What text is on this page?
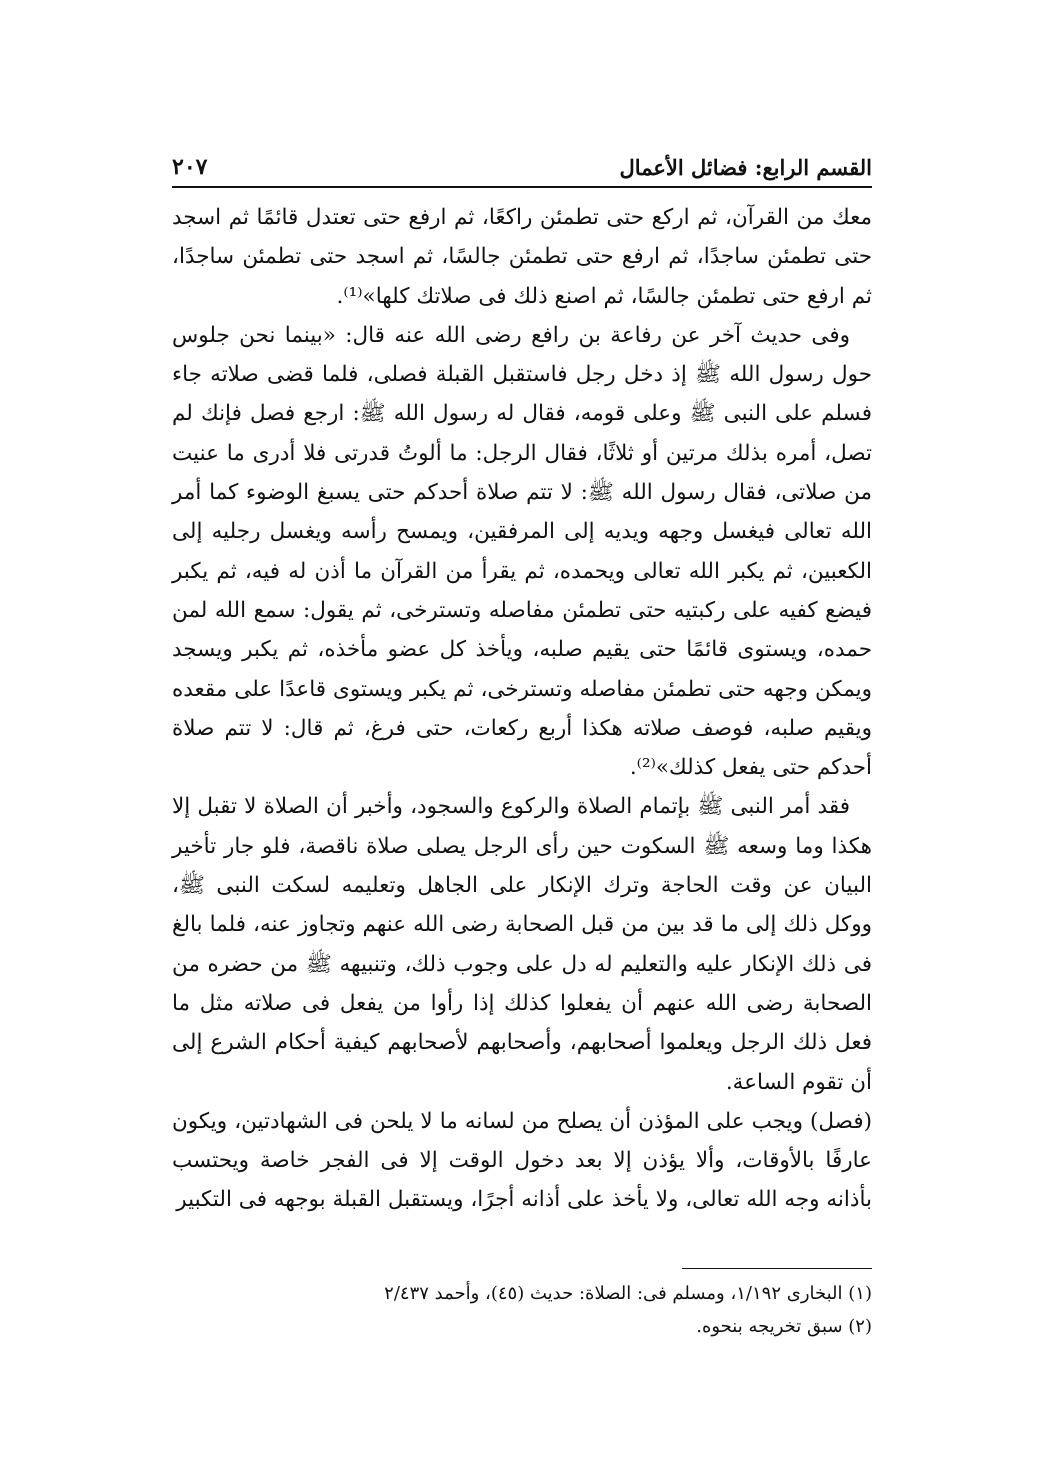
القسم الرابع: فضائل الأعمال
٢٠٧

معك من القرآن، ثم اركع حتى تطمئن راكعًا، ثم ارفع حتى تعتدل قائمًا ثم اسجد حتى تطمئن ساجدًا، ثم ارفع حتى تطمئن جالسًا، ثم اسجد حتى تطمئن ساجدًا، ثم ارفع حتى تطمئن جالسًا، ثم اصنع ذلك فى صلاتك كلها»⁽¹⁾.

وفى حديث آخر عن رفاعة بن رافع رضى الله عنه قال: «بينما نحن جلوس حول رسول الله ﷺ إذ دخل رجل فاستقبل القبلة فصلى، فلما قضى صلاته جاء فسلم على النبى ﷺ وعلى قومه، فقال له رسول الله ﷺ: ارجع فصل فإنك لم تصل، أمره بذلك مرتين أو ثلاثًا، فقال الرجل: ما ألوتُ قدرتى فلا أدرى ما عنيت من صلاتى، فقال رسول الله ﷺ: لا تتم صلاة أحدكم حتى يسبغ الوضوء كما أمر الله تعالى فيغسل وجهه ويديه إلى المرفقين، ويمسح رأسه ويغسل رجليه إلى الكعبين، ثم يكبر الله تعالى ويحمده، ثم يقرأ من القرآن ما أذن له فيه، ثم يكبر فيضع كفيه على ركبتيه حتى تطمئن مفاصله وتسترخى، ثم يقول: سمع الله لمن حمده، ويستوى قائمًا حتى يقيم صلبه، ويأخذ كل عضو مأخذه، ثم يكبر ويسجد ويمكن وجهه حتى تطمئن مفاصله وتسترخى، ثم يكبر ويستوى قاعدًا على مقعده ويقيم صلبه، فوصف صلاته هكذا أربع ركعات، حتى فرغ، ثم قال: لا تتم صلاة أحدكم حتى يفعل كذلك»⁽²⁾.

فقد أمر النبى ﷺ بإتمام الصلاة والركوع والسجود، وأخبر أن الصلاة لا تقبل إلا هكذا وما وسعه ﷺ السكوت حين رأى الرجل يصلى صلاة ناقصة، فلو جار تأخير البيان عن وقت الحاجة وترك الإنكار على الجاهل وتعليمه لسكت النبى ﷺ، ووكل ذلك إلى ما قد بين من قبل الصحابة رضى الله عنهم وتجاوز عنه، فلما بالغ فى ذلك الإنكار عليه والتعليم له دل على وجوب ذلك، وتنبيهه ﷺ من حضره من الصحابة رضى الله عنهم أن يفعلوا كذلك إذا رأوا من يفعل فى صلاته مثل ما فعل ذلك الرجل ويعلموا أصحابهم، وأصحابهم لأصحابهم كيفية أحكام الشرع إلى أن تقوم الساعة.

(فصل) ويجب على المؤذن أن يصلح من لسانه ما لا يلحن فى الشهادتين، ويكون عارفًا بالأوقات، وألا يؤذن إلا بعد دخول الوقت إلا فى الفجر خاصة ويحتسب بأذانه وجه الله تعالى، ولا يأخذ على أذانه أجرًا، ويستقبل القبلة بوجهه فى التكبير

(١) البخارى ١/١٩٢، ومسلم فى: الصلاة: حديث (٤٥)، وأحمد ٢/٤٣٧

(٢) سبق تخريجه بنحوه.
